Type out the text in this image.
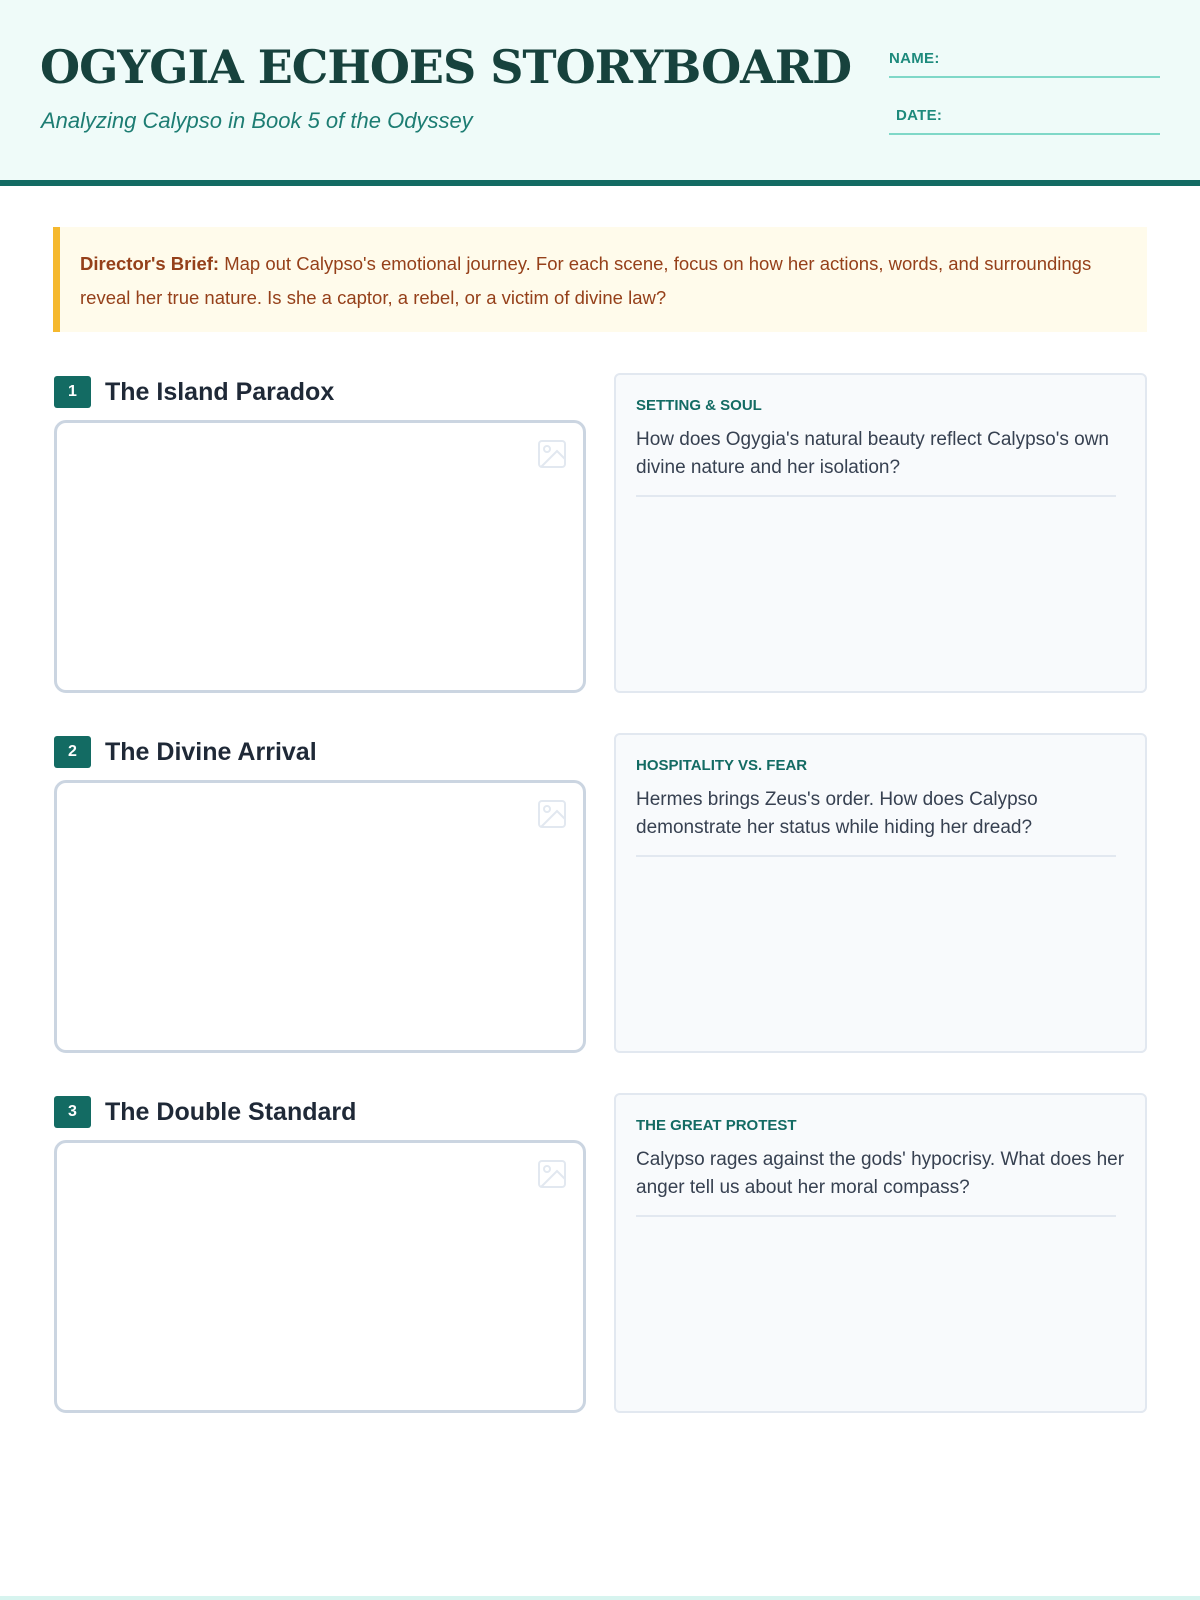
OGYGIA ECHOES STORYBOARD
Analyzing Calypso in Book 5 of the Odyssey
NAME:
DATE:
Director's Brief: Map out Calypso's emotional journey. For each scene, focus on how her actions, words, and surroundings reveal her true nature. Is she a captor, a rebel, or a victim of divine law?
1	The Island Paradox	SETTING & SOUL

How does Ogygia's natural beauty reflect Calypso's own divine nature and her isolation?

2	The Divine Arrival	HOSPITALITY VS. FEAR

Hermes brings Zeus's order. How does Calypso demonstrate her status while hiding her dread?

3	The Double Standard	THE GREAT PROTEST

Calypso rages against the gods' hypocrisy. What does her anger tell us about her moral compass?
